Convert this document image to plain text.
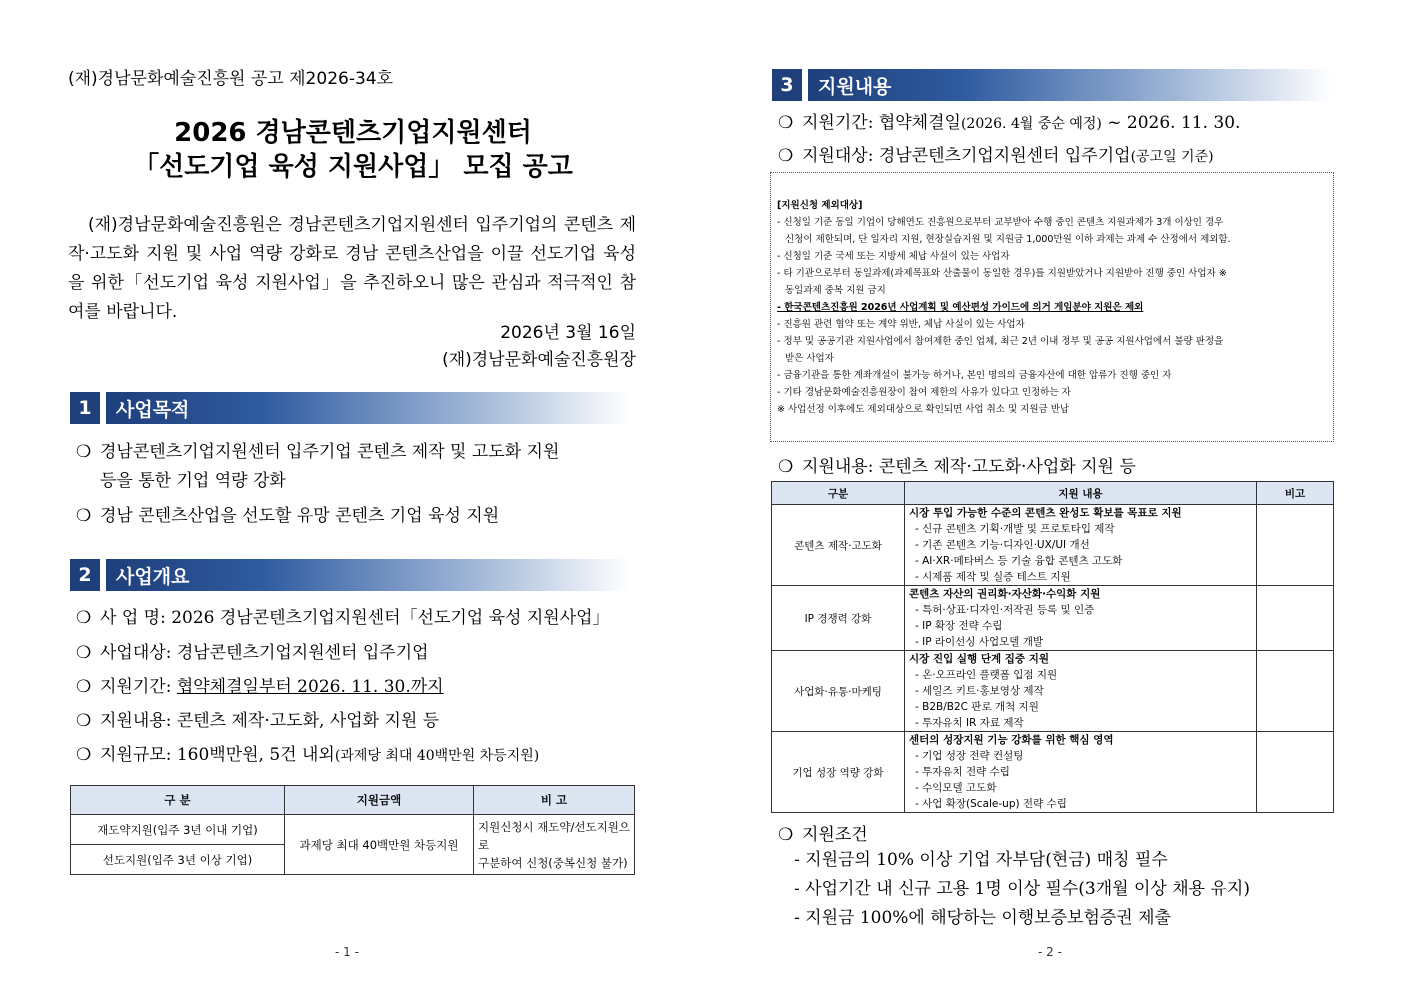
(재)경남문화예술진흥원 공고 제2026-34호
2026 경남콘텐츠기업지원센터
「선도기업 육성 지원사업」 모집 공고

(재)경남문화예술진흥원은 경남콘텐츠기업지원센터 입주기업의 콘텐츠 제작·고도화 지원 및 사업 역량 강화로 경남 콘텐츠산업을 이끌 선도기업 육성을 위한「선도기업 육성 지원사업」을 추진하오니 많은 관심과 적극적인 참여를 바랍니다.

2026년 3월 16일
(재)경남문화예술진흥원장
1	사업목적
❍ 경남콘텐츠기업지원센터 입주기업 콘텐츠 제작 및 고도화 지원
등을 통한 기업 역량 강화
❍ 경남 콘텐츠산업을 선도할 유망 콘텐츠 기업 육성 지원
2	사업개요
❍ 사 업 명: 2026 경남콘텐츠기업지원센터「선도기업 육성 지원사업」
❍ 사업대상: 경남콘텐츠기업지원센터 입주기업
❍ 지원기간: 협약체결일부터 2026. 11. 30.까지
❍ 지원내용: 콘텐츠 제작·고도화, 사업화 지원 등
❍ 지원규모: 160백만원, 5건 내외(과제당 최대 40백만원 차등지원)
구 분	지원금액	비 고
재도약지원(입주 3년 이내 기업)	과제당 최대 40백만원 차등지원	지원신청시 재도약/선도지원으로
구분하여 신청(중복신청 불가)
선도지원(입주 3년 이상 기업)		
- 1 -
3	지원내용
❍ 지원기간: 협약체결일(2026. 4월 중순 예정) ~ 2026. 11. 30.
❍ 지원대상: 경남콘텐츠기업지원센터 입주기업(공고일 기준)
[지원신청 제외대상]
- 신청일 기준 동일 기업이 당해연도 진흥원으로부터 교부받아 수행 중인 콘텐츠 지원과제가 3개 이상인 경우
신청이 제한되며, 단 일자리 지원, 현장실습지원 및 지원금 1,000만원 이하 과제는 과제 수 산정에서 제외함.
- 신청일 기준 국세 또는 지방세 체납 사실이 있는 사업자
- 타 기관으로부터 동일과제(과제목표와 산출물이 동일한 경우)를 지원받았거나 지원받아 진행 중인 사업자 ※
동일과제 중복 지원 금지
- 한국콘텐츠진흥원 2026년 사업계획 및 예산편성 가이드에 의거 게임분야 지원은 제외
- 진흥원 관련 협약 또는 계약 위반, 체납 사실이 있는 사업자
- 정부 및 공공기관 지원사업에서 참여제한 중인 업체, 최근 2년 이내 정부 및 공공 지원사업에서 불량 판정을
받은 사업자
- 금융기관을 통한 계좌개설이 불가능 하거나, 본인 명의의 금융자산에 대한 압류가 진행 중인 자
- 기타 경남문화예술진흥원장이 참여 제한의 사유가 있다고 인정하는 자
※ 사업선정 이후에도 제외대상으로 확인되면 사업 취소 및 지원금 반납
❍ 지원내용: 콘텐츠 제작·고도화·사업화 지원 등
구분	지원 내용	비고
콘텐츠 제작·고도화	시장 투입 가능한 수준의 콘텐츠 완성도 확보를 목표로 지원
- 신규 콘텐츠 기획·개발 및 프로토타입 제작
- 기존 콘텐츠 기능·디자인·UX/UI 개선
- AI·XR·메타버스 등 기술 융합 콘텐츠 고도화
- 시제품 제작 및 실증 테스트 지원	

IP 경쟁력 강화	콘텐츠 자산의 권리화·자산화·수익화 지원
- 특허·상표·디자인·저작권 등록 및 인증
- IP 확장 전략 수립
- IP 라이선싱 사업모델 개발	

사업화·유통·마케팅	시장 진입 실행 단계 집중 지원
- 온·오프라인 플랫폼 입점 지원
- 세일즈 키트·홍보영상 제작
- B2B/B2C 판로 개척 지원
- 투자유치 IR 자료 제작	

기업 성장 역량 강화	센터의 성장지원 기능 강화를 위한 핵심 영역
- 기업 성장 전략 컨설팅
- 투자유치 전략 수립
- 수익모델 고도화
- 사업 확장(Scale-up) 전략 수립	

❍ 지원조건
- 지원금의 10% 이상 기업 자부담(현금) 매칭 필수
- 사업기간 내 신규 고용 1명 이상 필수(3개월 이상 채용 유지)
- 지원금 100%에 해당하는 이행보증보험증권 제출
- 2 -
